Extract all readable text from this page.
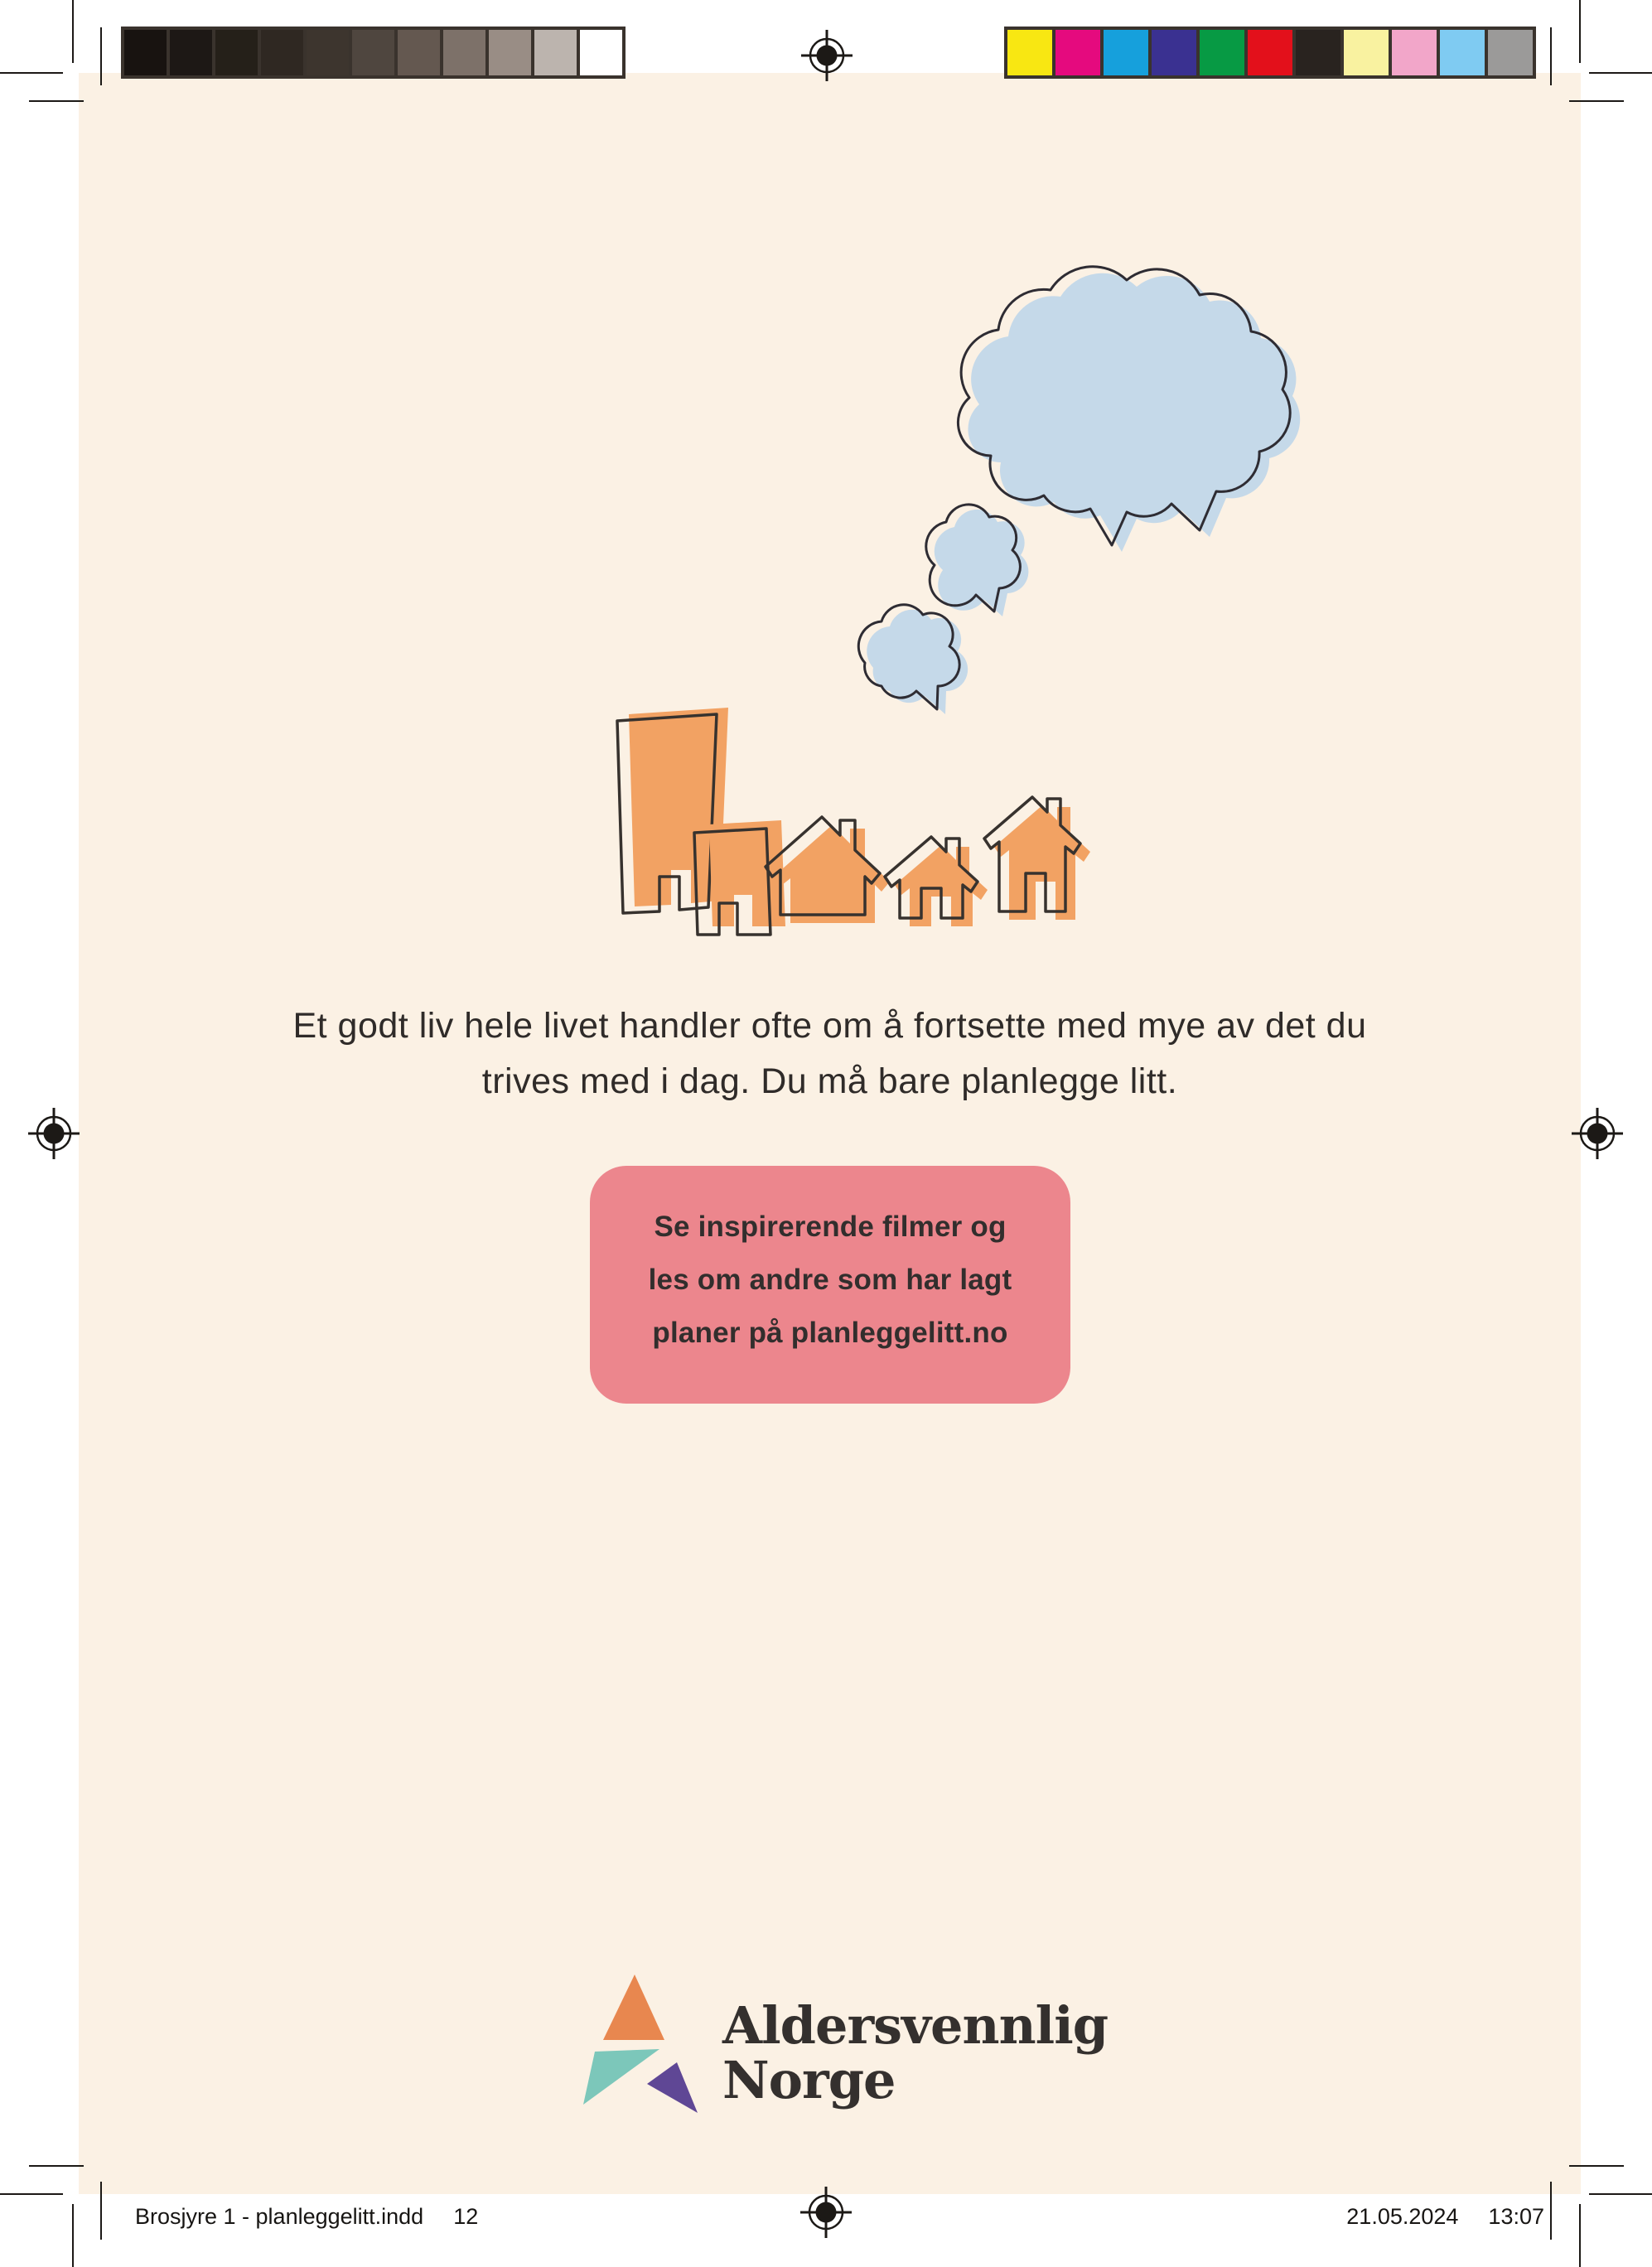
Et godt liv hele livet handler ofte om å fortsette med mye av det du
trives med i dag. Du må bare planlegge litt.
Se inspirerende filmer og
les om andre som har lagt
planer på planleggelitt.no
Aldersvennlig
Norge
Brosjyre 1 - planleggelitt.indd 12	21.05.2024 13:07
